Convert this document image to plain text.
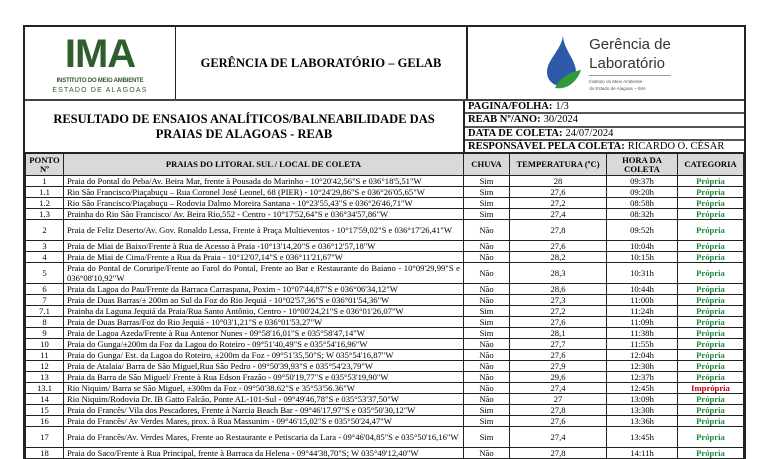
IMA
INSTITUTO DO MEIO AMBIENTE
ESTADO DE ALAGOAS
GERÊNCIA DE LABORATÓRIO – GELAB
Gerência de
Laboratório
Instituto do Meio Ambiente
do Estado de Alagoas – IMA
RESULTADO DE ENSAIOS ANALÍTICOS/BALNEABILIDADE DAS PRAIAS DE ALAGOAS - REAB
PAGINA/FOLHA: 1/3
REAB Nº/ANO: 30/2024
DATA DE COLETA: 24/07/2024
RESPONSÁVEL PELA COLETA: RICARDO O. CÉSAR
PONTO Nº	PRAIAS DO LITORAL SUL / LOCAL DE COLETA	CHUVA	TEMPERATURA (ºC)	HORA DA COLETA	CATEGORIA
1	Praia do Pontal do Peba/Av. Beira Mar, frente à Pousada do Marinho - 10°20'42,56"S e 036°18'5,51"W	Sim	28	09:37h	Própria
1.1	Rio São Francisco/Piaçabuçu – Rua Coronel José Leonel, 68 (PIER) - 10°24'29,86"S e 036°26'05,65"W	Sim	27,6	09:20h	Própria
1.2	Rio São Francisco/Piaçabuçu – Rodovia Dalmo Moreira Santana - 10°23'55,43"S e 036°26'46,71"W	Sim	27,2	08:58h	Própria
1.3	Prainha do Rio São Francisco/ Av. Beira Rio,552 - Centro - 10°17'52,64"S e 036°34'57,86"W	Sim	27,4	08:32h	Própria
2	Praia de Feliz Deserto/Av. Gov. Ronaldo Lessa, Frente à Praça Multieventos - 10°17'59,02"S e 036°17'26,41"W	Não	27,8	09:52h	Própria
3	Praia de Miai de Baixo/Frente à Rua de Acesso à Praia -10°13'14,20"S e 036°12'57,18"W	Não	27,6	10:04h	Própria
4	Praia de Miai de Cima/Frente a Rua da Praia - 10°12'07,14"S e 036°11'21,67"W	Não	28,2	10:15h	Própria
5	Praia do Pontal de Coruripe/Frente ao Farol do Pontal, Frente ao Bar e Restaurante do Baiano - 10°09'29,99"S e 036°08'10,92"W	Não	28,3	10:31h	Própria
6	Praia da Lagoa do Pau/Frente da Barraca Carraspana, Poxim - 10°07'44,87"S e 036°06'34,12"W	Não	28,6	10:44h	Própria
7	Praia de Duas Barras/± 200m ao Sul da Foz do Rio Jequiá - 10°02'57,36"S e 036°01'54,36"W	Não	27,3	11:00h	Própria
7.1	Prainha da Laguna Jequiá da Praia/Rua Santo Antônio, Centro - 10°00'24,21"S e 036°01'26,07"W	Sim	27,2	11:24h	Própria
8	Praia de Duas Barras/Foz do Rio Jequiá - 10°03'1,21"S e 036°01'53,27"W	Sim	27,6	11:09h	Própria
9	Praia de Lagoa Azeda/Frente à Rua Antenor Nunes - 09°58'16,01"S e 035°58'47,14"W	Sim	28,1	11:38h	Própria
10	Praia do Gunga/±200m da Foz da Lagoa do Roteiro - 09°51'40,49"S e 035°54'16,96"W	Não	27,7	11:55h	Própria
11	Praia do Gunga/ Est. da Lagoa do Roteiro, ±200m da Foz - 09°51'35,50"S; W 035°54'16,87"W	Não	27,6	12:04h	Própria
12	Praia de Atalaia/ Barra de São Miguel,Rua São Pedro - 09°50'39,93"S e 035°54'23,79"W	Não	27,9	12:30h	Própria
13	Praia da Barra de São Miguel/ Frente à Rua Edson Frazão - 09°50'19,77"S e 035°53'19,90"W	Não	29,6	12:37h	Própria
13.1	Rio Niquim/ Barra se São Miguel, ±300m da Foz - 09°50'38.62"S e 35°53'56.36"W	Não	27,4	12:45h	Imprópria
14	Rio Niquim/Rodovia Dr. IB Gatto Falcão, Ponte AL-101-Sul - 09°49'46,78"S e 035°53'37,50"W	Não	27	13:09h	Própria
15	Praia do Francês/ Vila dos Pescadores, Frente à Narcia Beach Bar - 09°46'17,97"S e 035°50'30,12"W	Sim	27,8	13:30h	Própria
16	Praia do Francês/ Av Verdes Mares, prox. à Rua Massunim - 09°46'15,02"S e 035°50'24,47"W	Sim	27,6	13:36h	Própria
17	Praia do Francês/Av. Verdes Mares, Frente ao Restaurante e Petiscaria da Lara - 09°46'04,85"S e 035°50'16,16"W	Sim	27,4	13:45h	Própria
18	Praia do Saco/Frente à Rua Principal, frente à Barraca da Helena - 09°44'38,70"S; W 035°49'12,40"W	Não	27,8	14:11h	Própria
